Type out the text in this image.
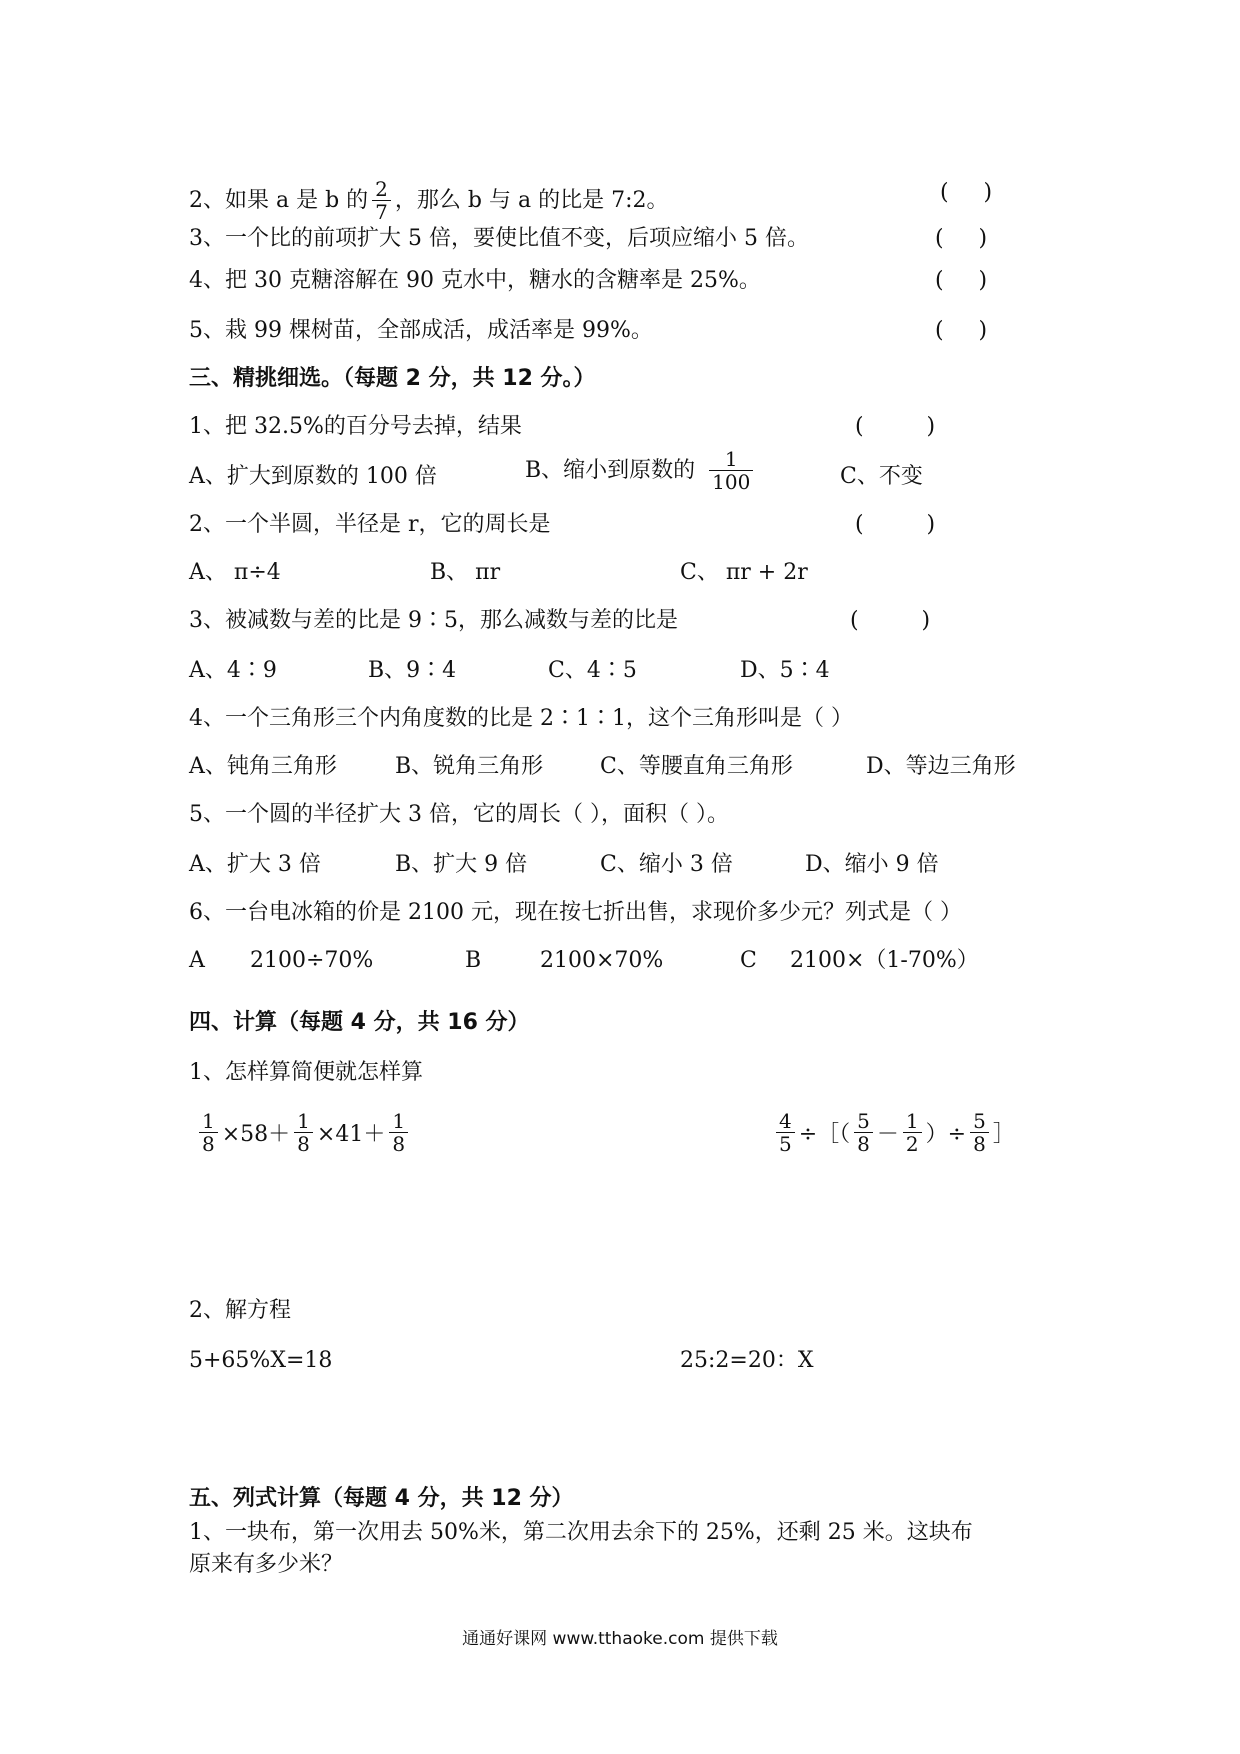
2、如果 a 是 b 的 $\frac{2}{7}$ ，那么 b 与 a 的比是 7:2。	(     )
3、一个比的前项扩大 5 倍，要使比值不变，后项应缩小 5 倍。	(     )
4、把 30 克糖溶解在 90 克水中，糖水的含糖率是 25%。	(     )
5、栽 99 棵树苗，全部成活，成活率是 99%。	(     )
三、精挑细选。（每题 2 分，共 12 分。）
1、把 32.5%的百分号去掉，结果	(         )
A、扩大到原数的 100 倍	B、缩小到原数的 $\frac{1}{100}$	C、不变
2、一个半圆，半径是 r，它的周长是	(         )
A、 π÷4	B、 πr	C、 πr + 2r
3、被减数与差的比是 9∶5，那么减数与差的比是	(         )
A、4∶9	B、9∶4	C、4∶5	D、5∶4
4、一个三角形三个内角度数的比是 2∶1∶1，这个三角形叫是（ ）
A、钝角三角形	B、锐角三角形	C、等腰直角三角形	D、等边三角形
5、一个圆的半径扩大 3 倍，它的周长（ ），面积（ ）。
A、扩大 3 倍	B、扩大 9 倍	C、缩小 3 倍	D、缩小 9 倍
6、一台电冰箱的价是 2100 元，现在按七折出售，求现价多少元？列式是（ ）
A 2100÷70%	B	2100×70%	C 2100×（1-70%）
四、计算（每题 4 分，共 16 分）
1、怎样算简便就怎样算
$\frac{1}{8} \times 58+ \frac{1}{8} \times 41+ \frac{1}{8}$	$\frac{4}{5}$ ÷［（ $\frac{5}{8} - \frac{1}{2}$ ）÷ $\frac{5}{8}$ ］
2、解方程
5+65%X=18	25:2=20：X
五、列式计算（每题 4 分，共 12 分）
1、一块布，第一次用去 50%米，第二次用去余下的 25%，还剩 25 米。这块布
原来有多少米？
通通好课网 www.tthaoke.com 提供下载
